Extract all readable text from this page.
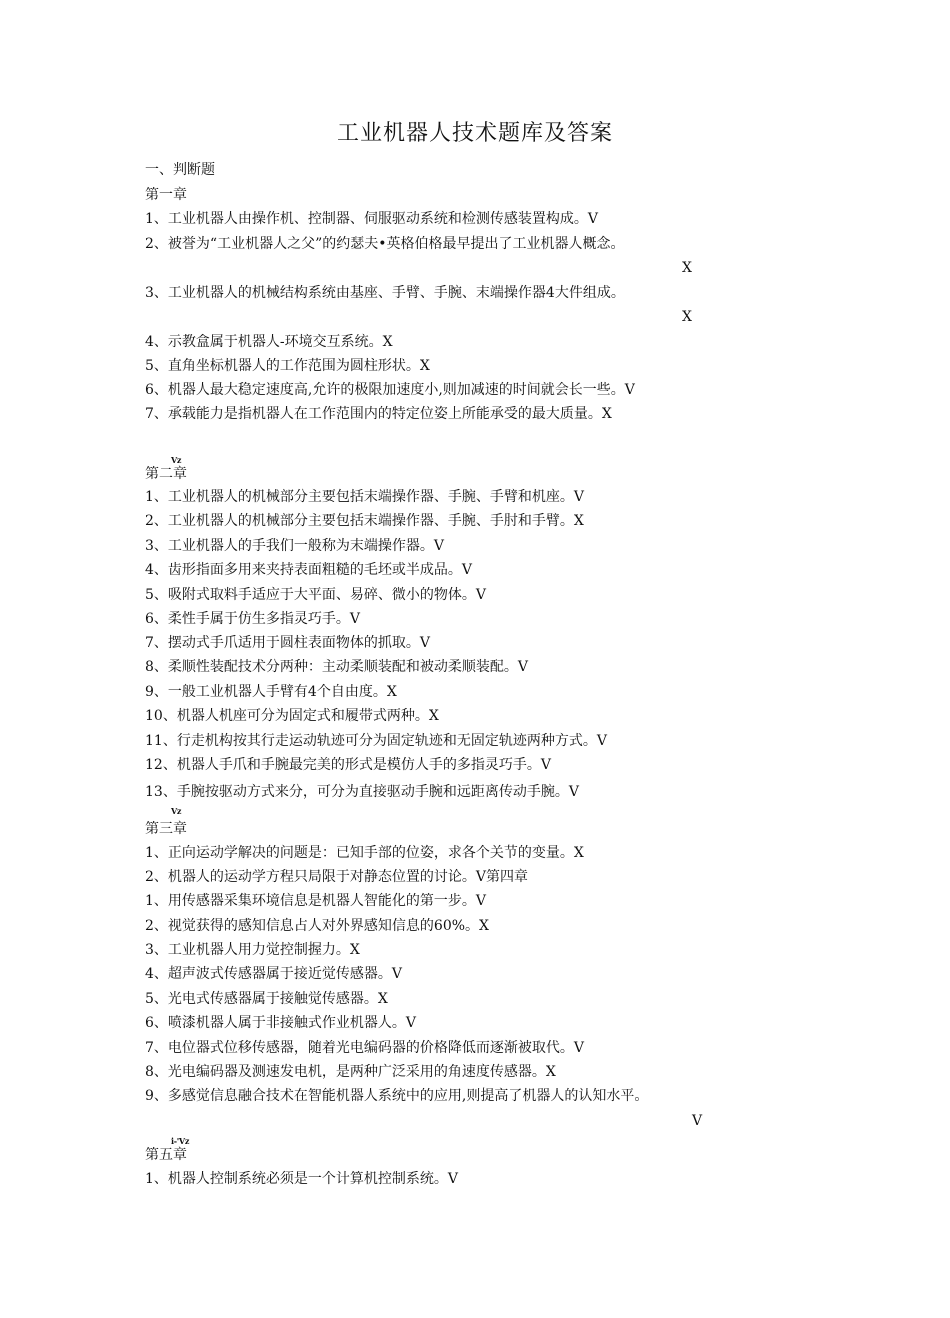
工业机器人技术题库及答案
一、判断题
第一章
1、工业机器人由操作机、控制器、伺服驱动系统和检测传感装置构成。V
2、被誉为“工业机器人之父”的约瑟夫•英格伯格最早提出了工业机器人概念。
X
3、工业机器人的机械结构系统由基座、手臂、手腕、末端操作器4大件组成。
X
4、示教盒属于机器人-环境交互系统。X
5、直角坐标机器人的工作范围为圆柱形状。X
6、机器人最大稳定速度高,允许的极限加速度小,则加减速的时间就会长一些。V
7、承载能力是指机器人在工作范围内的特定位姿上所能承受的最大质量。X
Vz
第二章
1、工业机器人的机械部分主要包括末端操作器、手腕、手臂和机座。V
2、工业机器人的机械部分主要包括末端操作器、手腕、手肘和手臂。X
3、工业机器人的手我们一般称为末端操作器。V
4、齿形指面多用来夹持表面粗糙的毛坯或半成品。V
5、吸附式取料手适应于大平面、易碎、微小的物体。V
6、柔性手属于仿生多指灵巧手。V
7、摆动式手爪适用于圆柱表面物体的抓取。V
8、柔顺性装配技术分两种：主动柔顺装配和被动柔顺装配。V
9、一般工业机器人手臂有4个自由度。X
10、机器人机座可分为固定式和履带式两种。X
11、行走机构按其行走运动轨迹可分为固定轨迹和无固定轨迹两种方式。V
12、机器人手爪和手腕最完美的形式是模仿人手的多指灵巧手。V
13、手腕按驱动方式来分，可分为直接驱动手腕和远距离传动手腕。V
Vz
第三章
1、正向运动学解决的问题是：已知手部的位姿，求各个关节的变量。X
2、机器人的运动学方程只局限于对静态位置的讨论。V第四章
1、用传感器采集环境信息是机器人智能化的第一步。V
2、视觉获得的感知信息占人对外界感知信息的60%。X
3、工业机器人用力觉控制握力。X
4、超声波式传感器属于接近觉传感器。V
5、光电式传感器属于接触觉传感器。X
6、喷漆机器人属于非接触式作业机器人。V
7、电位器式位移传感器，随着光电编码器的价格降低而逐渐被取代。V
8、光电编码器及测速发电机，是两种广泛采用的角速度传感器。X
9、多感觉信息融合技术在智能机器人系统中的应用,则提高了机器人的认知水平。
V
i-'Vz
第五章
1、机器人控制系统必须是一个计算机控制系统。V
